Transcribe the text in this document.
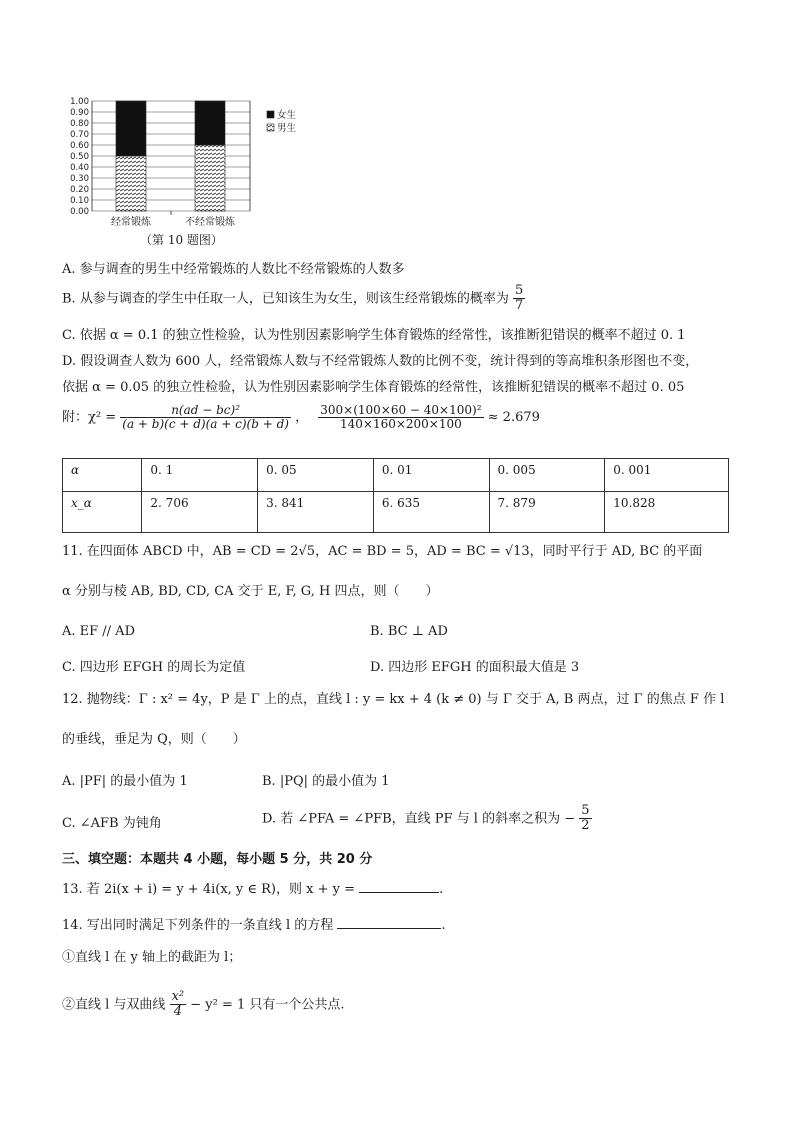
1.00
0.90
0.80
0.70
0.60
0.50
0.40
0.30
0.20
0.10
0.00
经常锻炼	不经常锻炼
女生
男生
（第 10 题图）
A. 参与调查的男生中经常锻炼的人数比不经常锻炼的人数多
B. 从参与调查的学生中任取一人，已知该生为女生，则该生经常锻炼的概率为 $\frac{5}{7}$
C. 依据 α = 0.1 的独立性检验，认为性别因素影响学生体育锻炼的经常性，该推断犯错误的概率不超过 0. 1
D. 假设调查人数为 600 人，经常锻炼人数与不经常锻炼人数的比例不变，统计得到的等高堆积条形图也不变，
依据 α = 0.05 的独立性检验，认为性别因素影响学生体育锻炼的经常性，该推断犯错误的概率不超过 0. 05
附：$\chi^2 = \frac{\text{n(ad − bc)²}}{(a + b)(c + d)(a + c)(b + d)}$ ， $\frac{\text{300×(100×60 − 40×100)²}}{140\times 160\times 200\times 100} \approx 2.679$
α	0. 1	0. 05	0. 01	0. 005	0. 001
x_α	2. 706	3. 841	6. 635	7. 879	10.828
11. 在四面体 ABCD 中，AB = CD = 2√5，AC = BD = 5，AD = BC = √13，同时平行于 AD, BC 的平面
α 分别与棱 AB, BD, CD, CA 交于 E, F, G, H 四点，则（　　）
A. EF // AD	B. BC ⊥ AD
C. 四边形 EFGH 的周长为定值	D. 四边形 EFGH 的面积最大值是 3
12. 抛物线：Γ : x² = 4y，P 是 Γ 上的点，直线 l : y = kx + 4 (k ≠ 0) 与 Γ 交于 A, B 两点，过 Γ 的焦点 F 作 l
的垂线，垂足为 Q，则（　　）
A. |PF| 的最小值为 1	B. |PQ| 的最小值为 1
C. ∠AFB 为钝角	D. 若 ∠PFA = ∠PFB，直线 PF 与 l 的斜率之积为 − $\frac{5}{2}$
三、填空题：本题共 4 小题，每小题 5 分，共 20 分
13. 若 2i(x + i) = y + 4i(x, y ∈ R)，则 x + y =	.
14. 写出同时满足下列条件的一条直线 l 的方程	.
①直线 l 在 y 轴上的截距为 l；
②直线 l 与双曲线 $\frac{\text{x²}}{4} - y^2 = 1$ 只有一个公共点.
